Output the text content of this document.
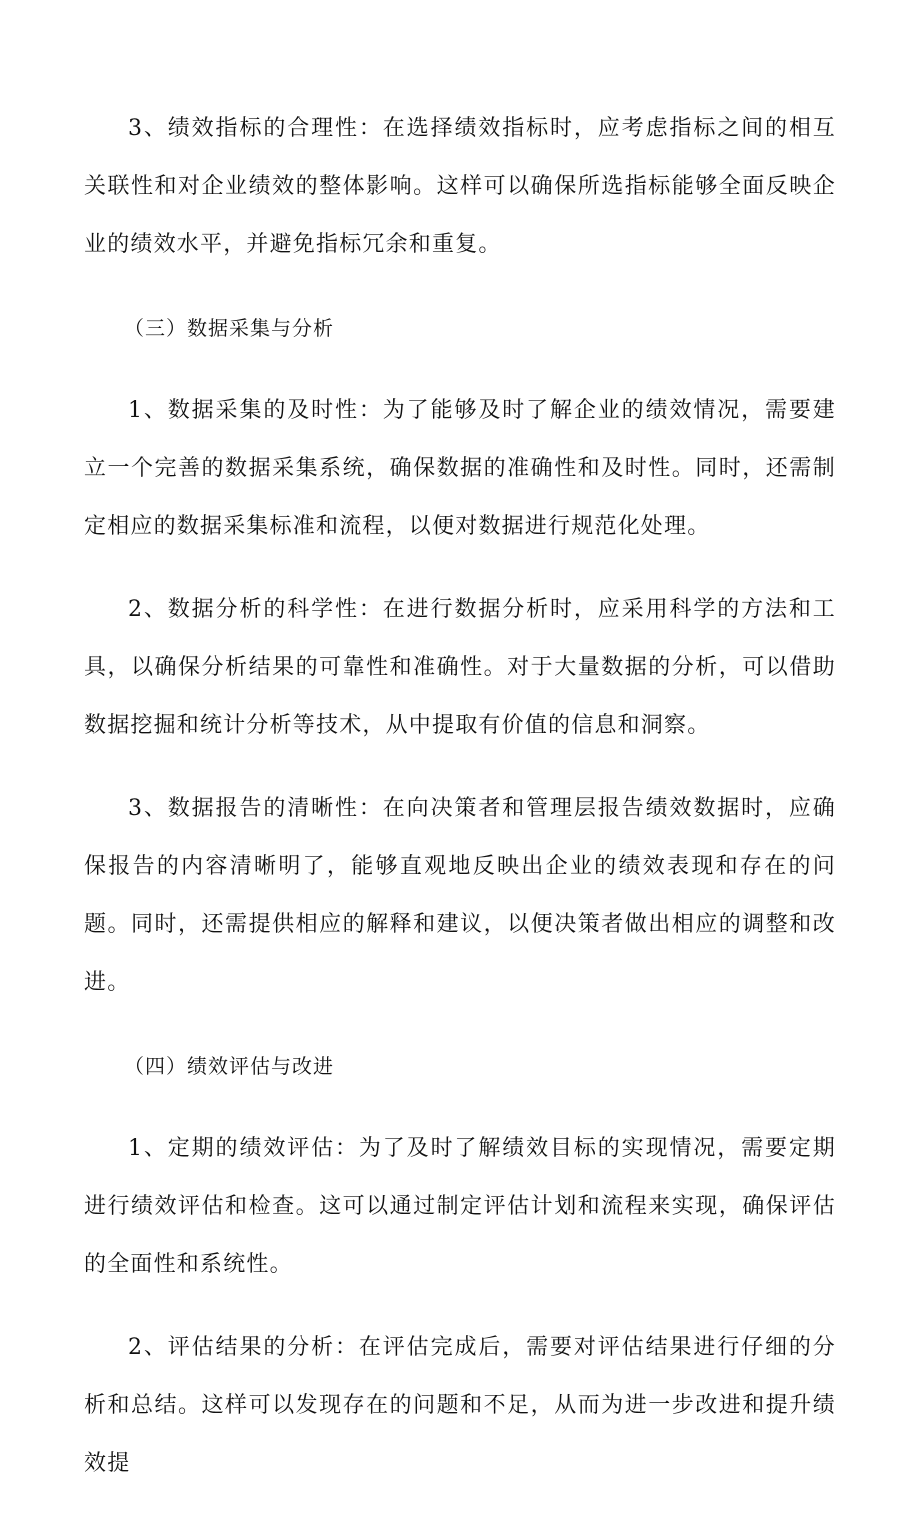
3、绩效指标的合理性：在选择绩效指标时，应考虑指标之间的相互关联性和对企业绩效的整体影响。这样可以确保所选指标能够全面反映企业的绩效水平，并避免指标冗余和重复。

（三）数据采集与分析

1、数据采集的及时性：为了能够及时了解企业的绩效情况，需要建立一个完善的数据采集系统，确保数据的准确性和及时性。同时，还需制定相应的数据采集标准和流程，以便对数据进行规范化处理。

2、数据分析的科学性：在进行数据分析时，应采用科学的方法和工具，以确保分析结果的可靠性和准确性。对于大量数据的分析，可以借助数据挖掘和统计分析等技术，从中提取有价值的信息和洞察。

3、数据报告的清晰性：在向决策者和管理层报告绩效数据时，应确保报告的内容清晰明了，能够直观地反映出企业的绩效表现和存在的问题。同时，还需提供相应的解释和建议，以便决策者做出相应的调整和改进。

（四）绩效评估与改进

1、定期的绩效评估：为了及时了解绩效目标的实现情况，需要定期进行绩效评估和检查。这可以通过制定评估计划和流程来实现，确保评估的全面性和系统性。

2、评估结果的分析：在评估完成后，需要对评估结果进行仔细的分析和总结。这样可以发现存在的问题和不足，从而为进一步改进和提升绩效提
